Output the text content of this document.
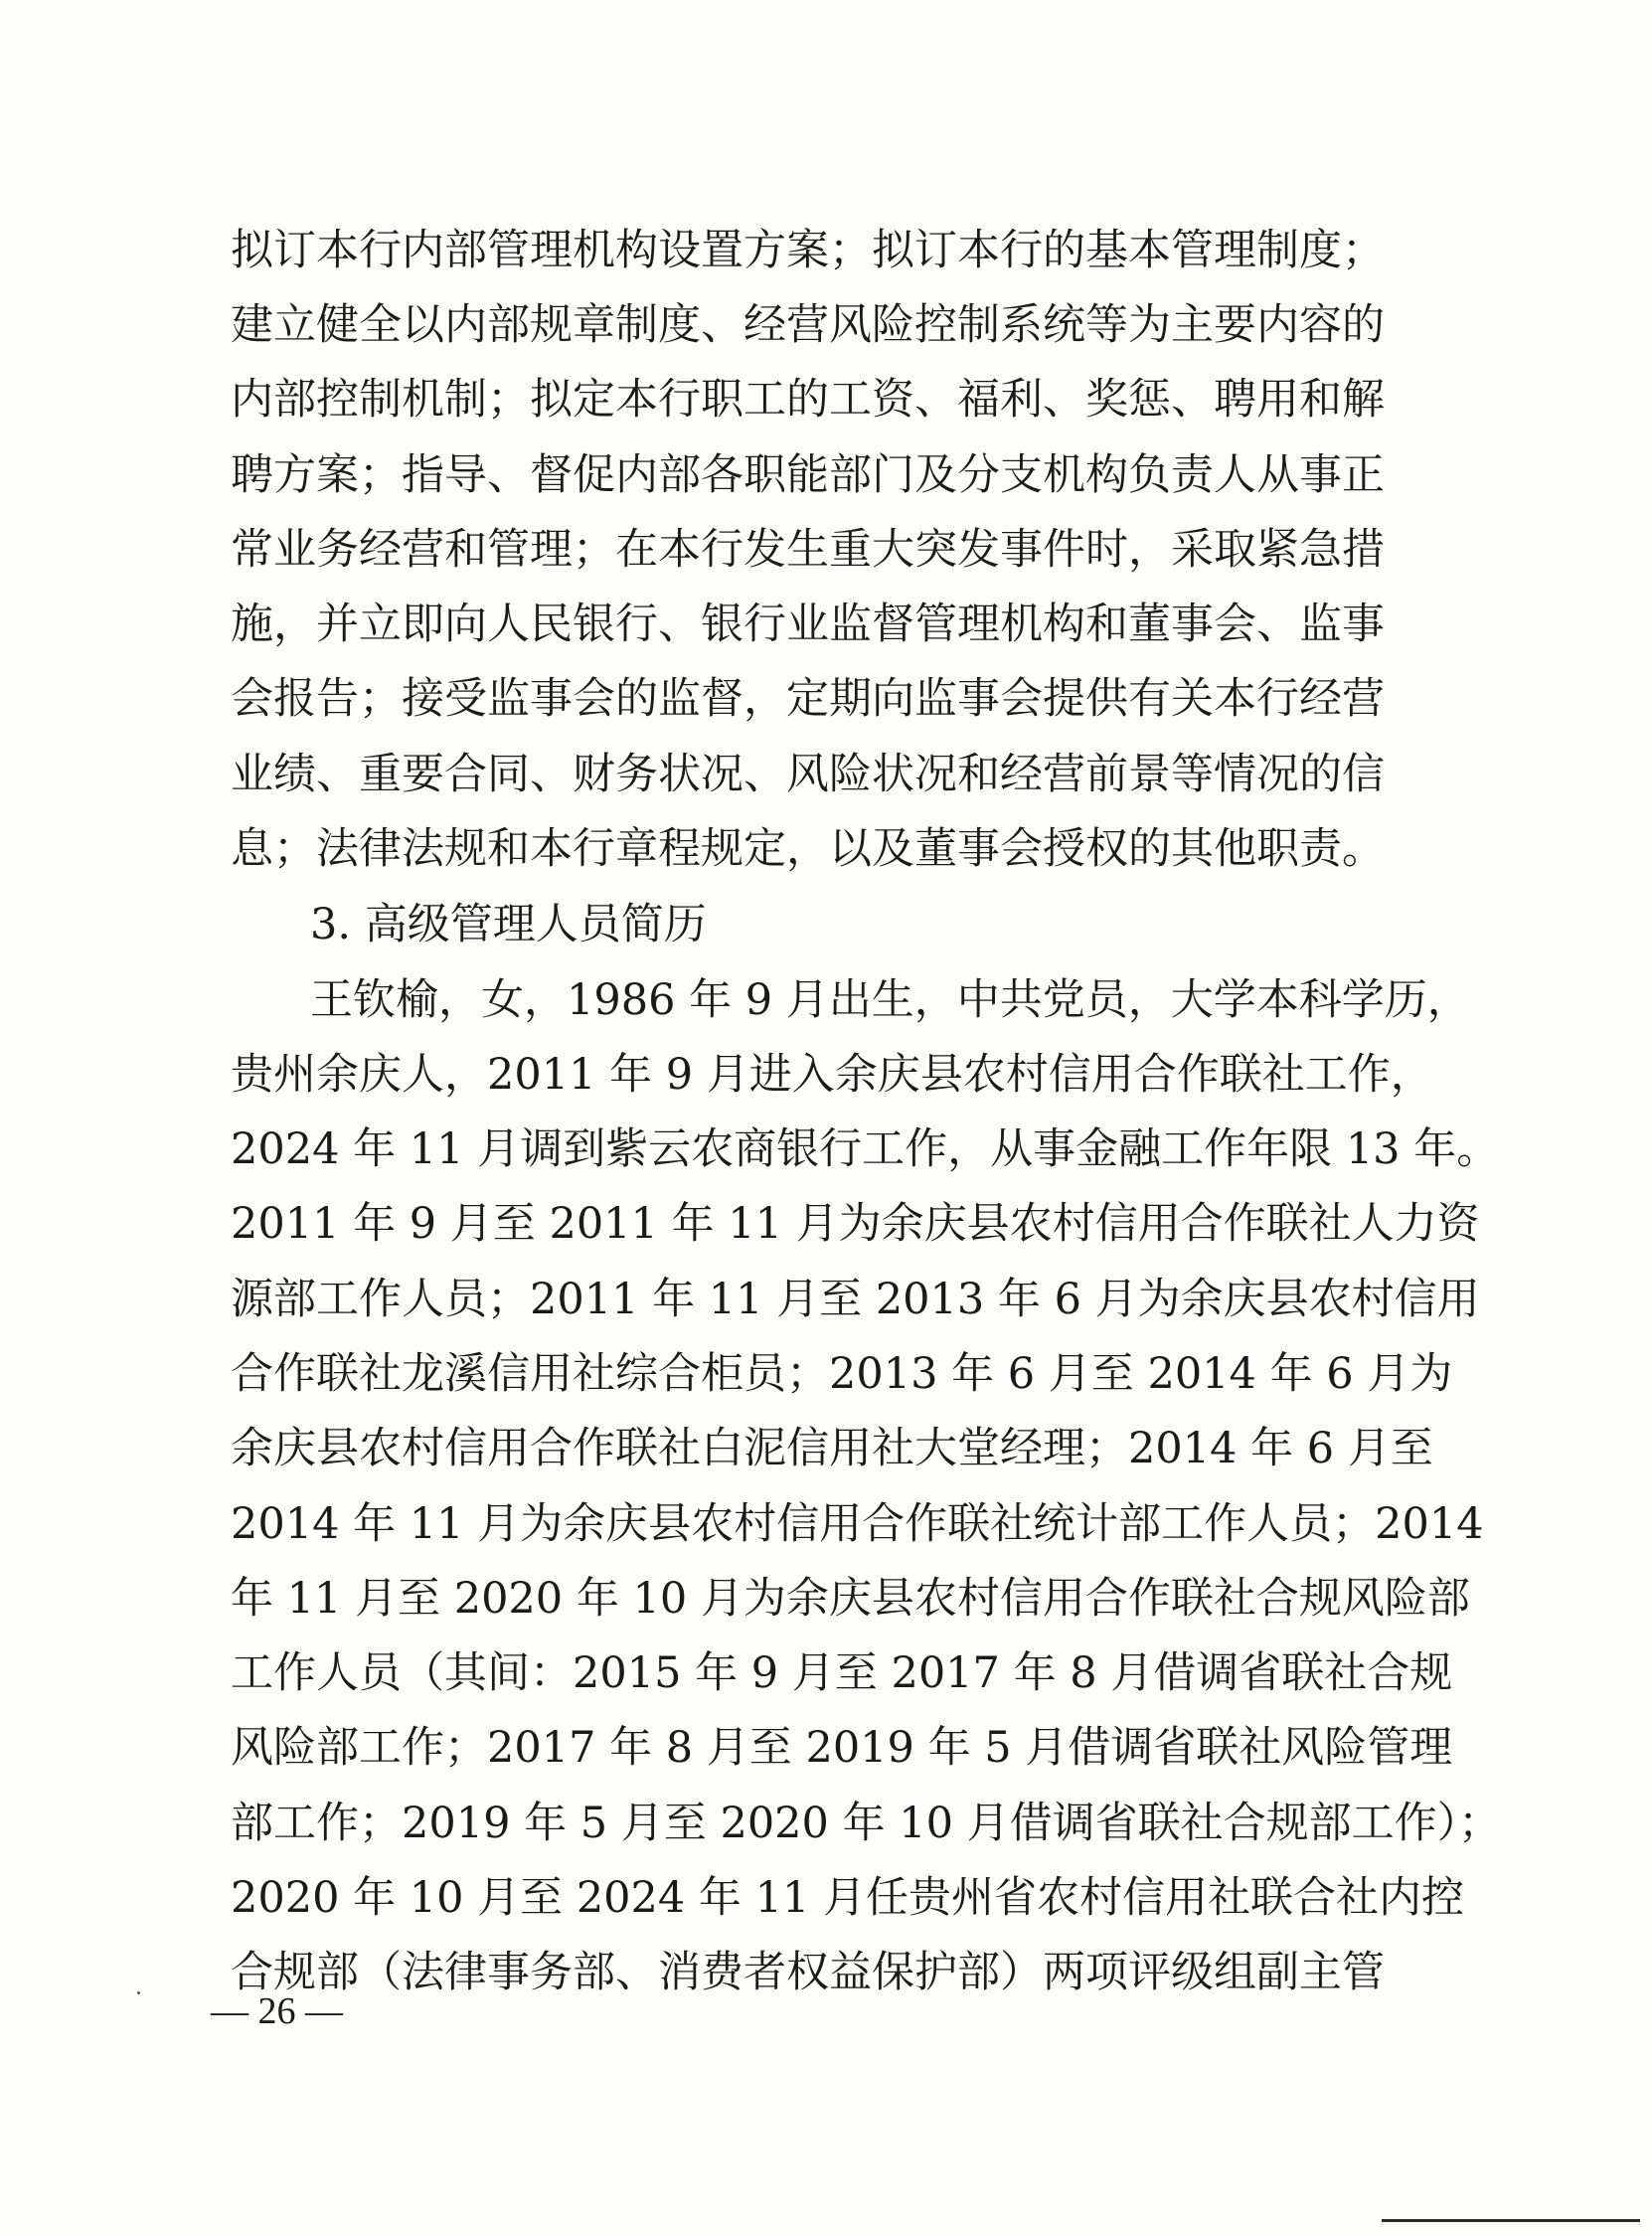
拟订本行内部管理机构设置方案；拟订本行的基本管理制度；
建立健全以内部规章制度、经营风险控制系统等为主要内容的
内部控制机制；拟定本行职工的工资、福利、奖惩、聘用和解
聘方案；指导、督促内部各职能部门及分支机构负责人从事正
常业务经营和管理；在本行发生重大突发事件时，采取紧急措
施，并立即向人民银行、银行业监督管理机构和董事会、监事
会报告；接受监事会的监督，定期向监事会提供有关本行经营
业绩、重要合同、财务状况、风险状况和经营前景等情况的信
息；法律法规和本行章程规定，以及董事会授权的其他职责。
3. 高级管理人员简历
王钦榆，女，1986 年 9 月出生，中共党员，大学本科学历，
贵州余庆人，2011 年 9 月进入余庆县农村信用合作联社工作，
2024 年 11 月调到紫云农商银行工作，从事金融工作年限 13 年。
2011 年 9 月至 2011 年 11 月为余庆县农村信用合作联社人力资
源部工作人员；2011 年 11 月至 2013 年 6 月为余庆县农村信用
合作联社龙溪信用社综合柜员；2013 年 6 月至 2014 年 6 月为
余庆县农村信用合作联社白泥信用社大堂经理；2014 年 6 月至
2014 年 11 月为余庆县农村信用合作联社统计部工作人员；2014
年 11 月至 2020 年 10 月为余庆县农村信用合作联社合规风险部
工作人员（其间：2015 年 9 月至 2017 年 8 月借调省联社合规
风险部工作；2017 年 8 月至 2019 年 5 月借调省联社风险管理
部工作；2019 年 5 月至 2020 年 10 月借调省联社合规部工作）；
2020 年 10 月至 2024 年 11 月任贵州省农村信用社联合社内控
合规部（法律事务部、消费者权益保护部）两项评级组副主管
— 26 —
